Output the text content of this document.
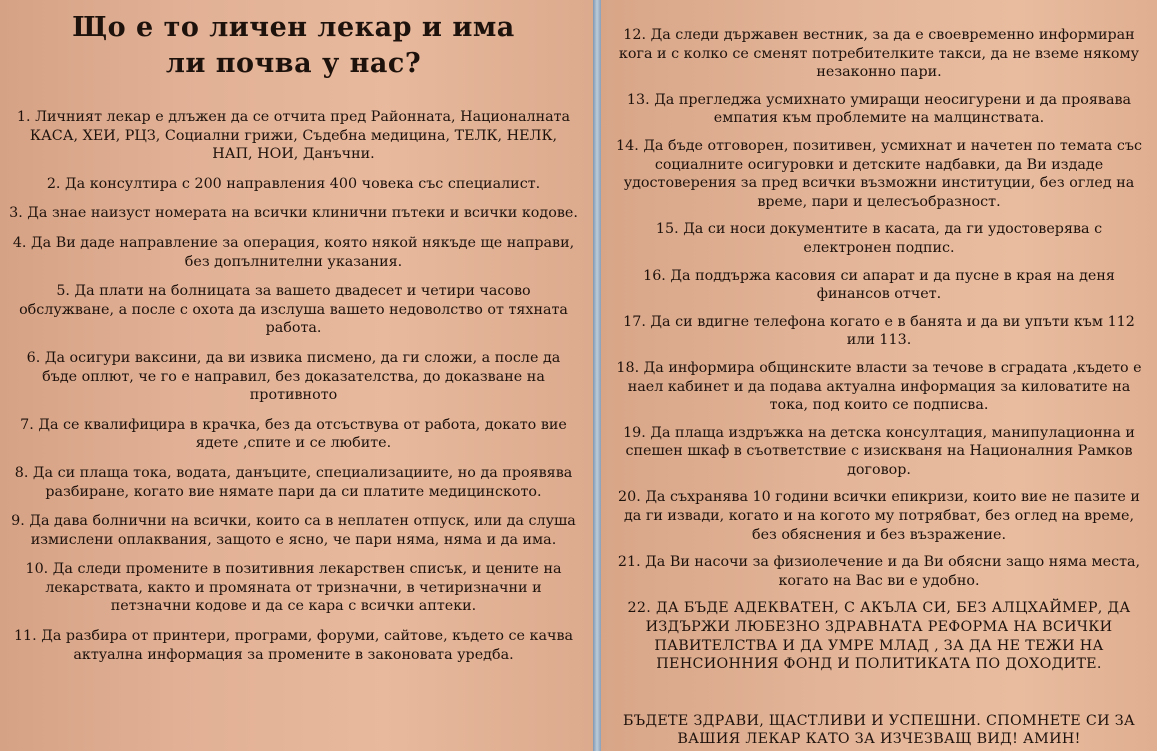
Що е то личен лекар и има
ли почва у нас?

1. Личният лекар е длъжен да се отчита пред Районната, Националната КАСА, ХЕИ, РЦЗ, Социални грижи, Съдебна медицина, ТЕЛК, НЕЛК, НАП, НОИ, Данъчни.

2. Да консултира с 200 направления 400 човека със специалист.

3. Да знае наизуст номерата на всички клинични пътеки и всички кодове.

4. Да Ви даде направление за операция, която някой някъде ще направи, без допълнителни указания.

5. Да плати на болницата за вашето двадесет и четири часово обслужване, а после с охота да изслуша вашето недоволство от тяхната работа.

6. Да осигури ваксини, да ви извика писмено, да ги сложи, а после да бъде оплют, че го е направил, без доказателства, до доказване на противното

7. Да се квалифицира в крачка, без да отсъствува от работа, докато вие ядете ,спите и се любите.

8. Да си плаща тока, водата, данъците, специализациите, но да проявява разбиране, когато вие нямате пари да си платите медицинското.

9. Да дава болнични на всички, които са в неплатен отпуск, или да слуша измислени оплаквания, защото е ясно, че пари няма, няма и да има.

10. Да следи промените в позитивния лекарствен списък, и цените на лекарствата, както и промяната от тризначни, в четиризначни и петзначни кодове и да се кара с всички аптеки.

11. Да разбира от принтери, програми, форуми, сайтове, където се качва актуална информация за промените в законовата уредба.

12. Да следи държавен вестник, за да е своевременно информиран кога и с колко се сменят потребителките такси, да не вземе някому незаконно пари.

13. Да прегледжа усмихнато умиращи неосигурени и да проявава емпатия към проблемите на малцинствата.

14. Да бъде отговорен, позитивен, усмихнат и начетен по темата със социалните осигуровки и детските надбавки, да Ви издаде удостоверения за пред всички възможни институции, без оглед на време, пари и целесъобразност.

15. Да си носи документите в касата, да ги удостоверява с електронен подпис.

16. Да поддържа касовия си апарат и да пусне в края на деня финансов отчет.

17. Да си вдигне телефона когато е в банята и да ви упъти към 112 или 113.

18. Да информира общинските власти за течове в сградата ,където е наел кабинет и да подава актуална информация за киловатите на тока, под които се подписва.

19. Да плаща издръжка на детска консултация, манипулационна и спешен шкаф в съответствие с изискваня на Националния Рамков договор.

20. Да съхранява 10 години всички епикризи, които вие не пазите и да ги извади, когато и на когото му потрябват, без оглед на време, без обяснения и без възражение.

21. Да Ви насочи за физиолечение и да Ви обясни защо няма места, когато на Вас ви е удобно.

22. ДА БЪДЕ АДЕКВАТЕН, С АКЪЛА СИ, БЕЗ АЛЦХАЙМЕР, ДА ИЗДЪРЖИ ЛЮБЕЗНО ЗДРАВНАТА РЕФОРМА НА ВСИЧКИ ПАВИТЕЛСТВА И ДА УМРЕ МЛАД , ЗА ДА НЕ ТЕЖИ НА ПЕНСИОННИЯ ФОНД И ПОЛИТИКАТА ПО ДОХОДИТЕ.

БЪДЕТЕ ЗДРАВИ, ЩАСТЛИВИ И УСПЕШНИ. СПОМНЕТЕ СИ ЗА ВАШИЯ ЛЕКАР КАТО ЗА ИЗЧЕЗВАЩ ВИД! АМИН!
